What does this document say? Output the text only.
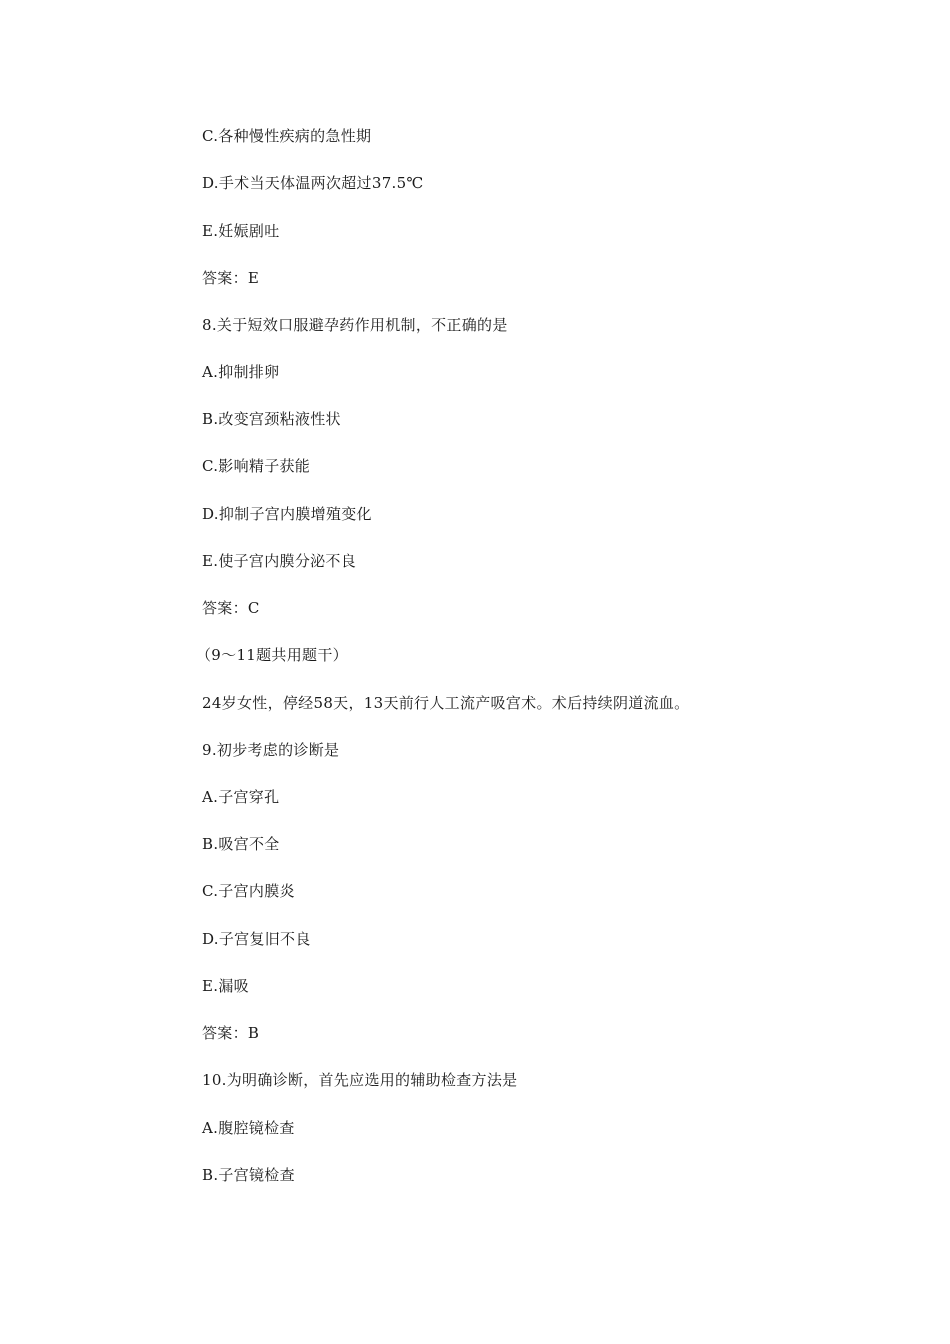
C.各种慢性疾病的急性期
D.手术当天体温两次超过37.5℃
E.妊娠剧吐
答案：E
8.关于短效口服避孕药作用机制，不正确的是
A.抑制排卵
B.改变宫颈粘液性状
C.影响精子获能
D.抑制子宫内膜增殖变化
E.使子宫内膜分泌不良
答案：C
（9～11题共用题干）
24岁女性，停经58天，13天前行人工流产吸宫术。术后持续阴道流血。
9.初步考虑的诊断是
A.子宫穿孔
B.吸宫不全
C.子宫内膜炎
D.子宫复旧不良
E.漏吸
答案：B
10.为明确诊断，首先应选用的辅助检查方法是
A.腹腔镜检查
B.子宫镜检查
